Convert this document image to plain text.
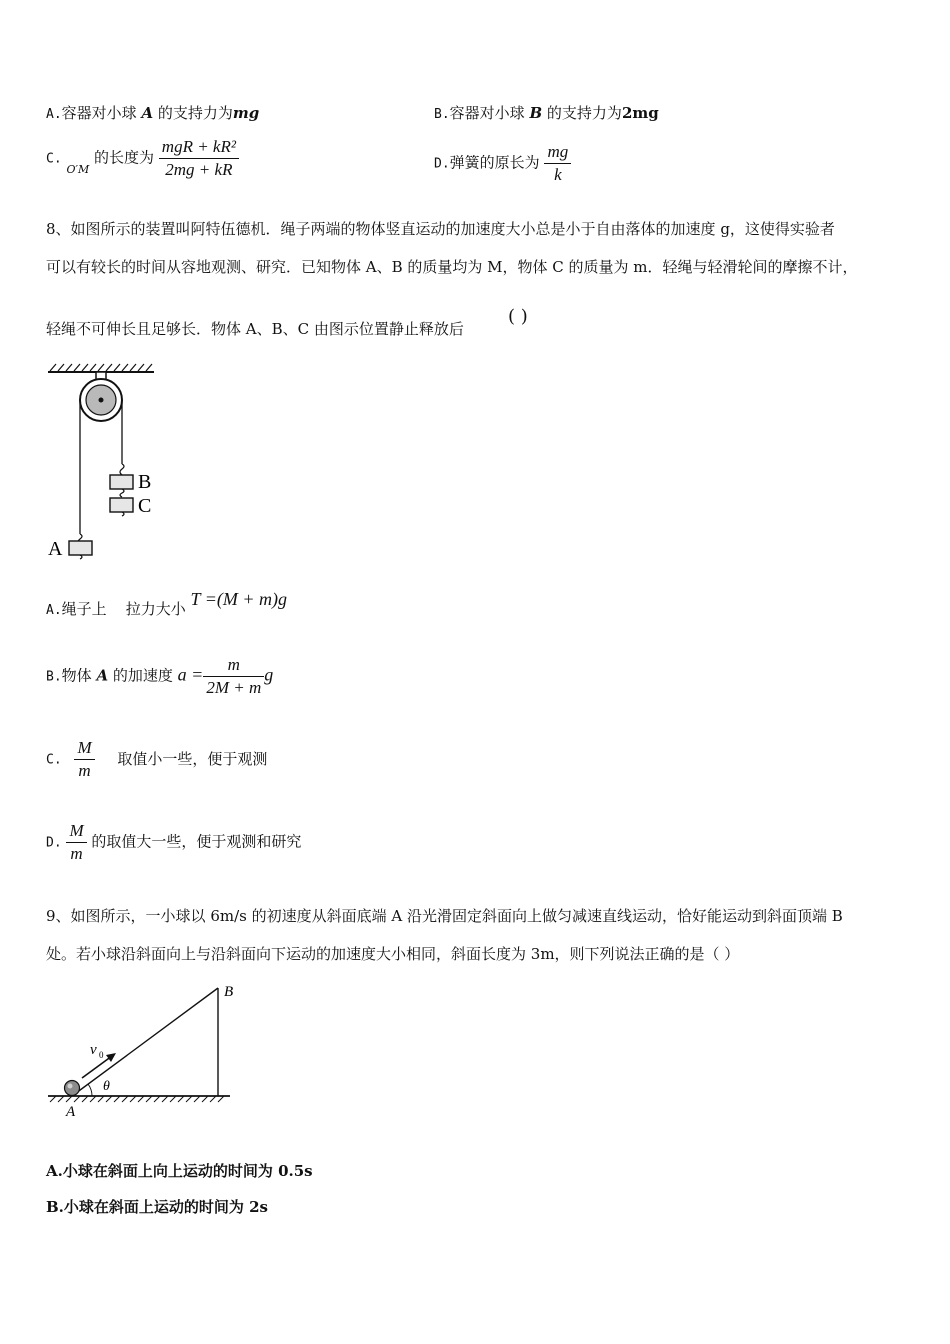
A.容器对小球 A 的支持力为mg	B.容器对小球 B 的支持力为2mg
C. $_{O'M}$ 的长度为 $\frac{\text{mgR + kR²}}{2mg + kR}$	D.弹簧的原长为 $\frac{mg}{k}$
8、如图所示的装置叫阿特伍德机．绳子两端的物体竖直运动的加速度大小总是小于自由落体的加速度 g，这使得实验者
可以有较长的时间从容地观测、研究．已知物体 A、B 的质量均为 M，物体 C 的质量为 m．轻绳与轻滑轮间的摩擦不计，
轻绳不可伸长且足够长．物体 A、B、C 由图示位置静止释放后
( )
B
C
A
A.绳子上    拉力大小 T =(M + m)g
B.物体 A 的加速度 $a = \frac{m}{2M + m}$ g
C. $\frac{M}{m}$ 取值小一些，便于观测
D. $\frac{M}{m}$ 的取值大一些，便于观测和研究
9、如图所示，一小球以 6m/s 的初速度从斜面底端 A 沿光滑固定斜面向上做匀减速直线运动，恰好能运动到斜面顶端 B
处。若小球沿斜面向上与沿斜面向下运动的加速度大小相同，斜面长度为 3m，则下列说法正确的是（ ）
v 0
θ
A
B
A.小球在斜面上向上运动的时间为 0.5s
B.小球在斜面上运动的时间为 2s
